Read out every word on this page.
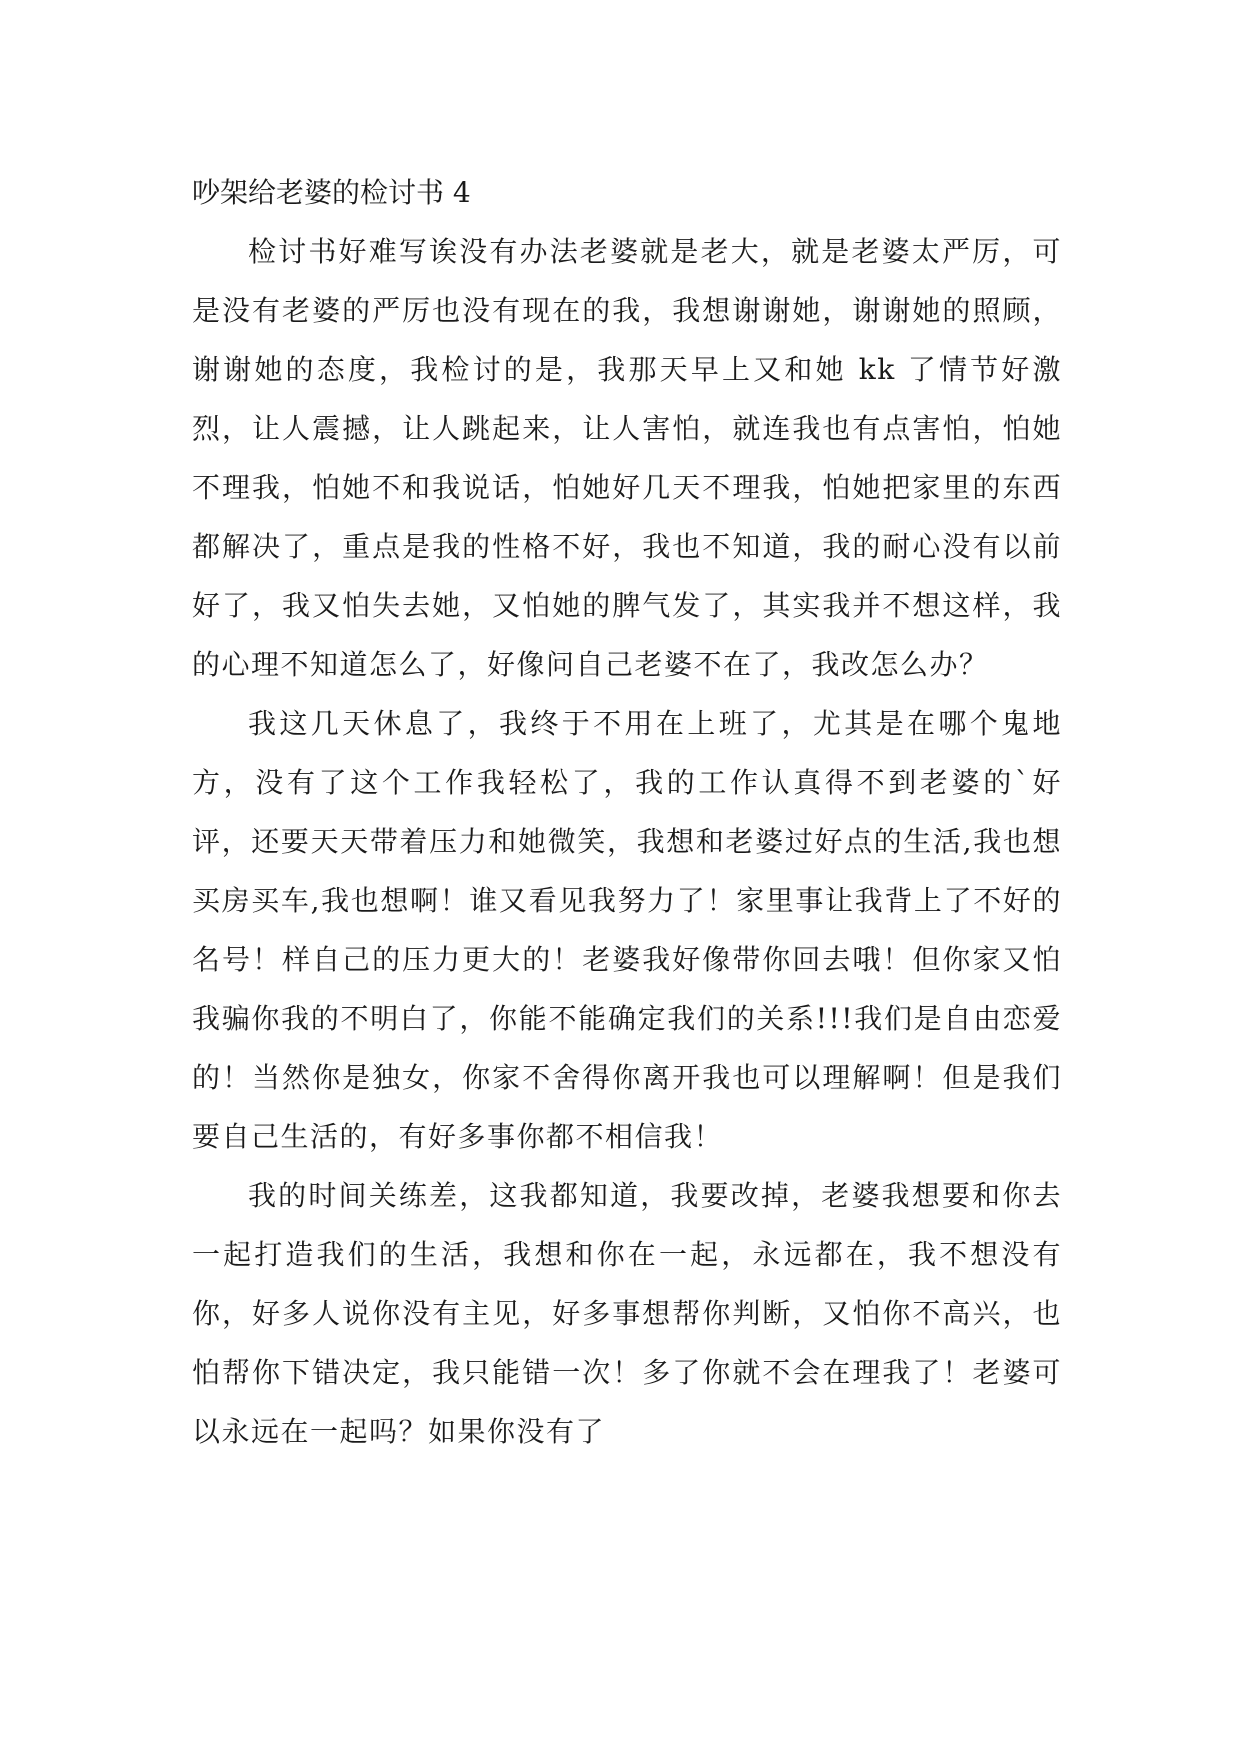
吵架给老婆的检讨书 4

检讨书好难写诶没有办法老婆就是老大，就是老婆太严厉，可是没有老婆的严厉也没有现在的我，我想谢谢她，谢谢她的照顾，谢谢她的态度，我检讨的是，我那天早上又和她 kk 了情节好激烈，让人震撼，让人跳起来，让人害怕，就连我也有点害怕，怕她不理我，怕她不和我说话，怕她好几天不理我，怕她把家里的东西都解决了，重点是我的性格不好，我也不知道，我的耐心没有以前好了，我又怕失去她，又怕她的脾气发了，其实我并不想这样，我的心理不知道怎么了，好像问自己老婆不在了，我改怎么办？

我这几天休息了，我终于不用在上班了，尤其是在哪个鬼地方，没有了这个工作我轻松了，我的工作认真得不到老婆的`好评，还要天天带着压力和她微笑，我想和老婆过好点的生活,我也想买房买车,我也想啊！谁又看见我努力了！家里事让我背上了不好的名号！样自己的压力更大的！老婆我好像带你回去哦！但你家又怕我骗你我的不明白了，你能不能确定我们的关系!!!我们是自由恋爱的！当然你是独女，你家不舍得你离开我也可以理解啊！但是我们要自己生活的，有好多事你都不相信我！

我的时间关练差，这我都知道，我要改掉，老婆我想要和你去一起打造我们的生活，我想和你在一起，永远都在，我不想没有你，好多人说你没有主见，好多事想帮你判断，又怕你不高兴，也怕帮你下错决定，我只能错一次！多了你就不会在理我了！老婆可以永远在一起吗？如果你没有了
